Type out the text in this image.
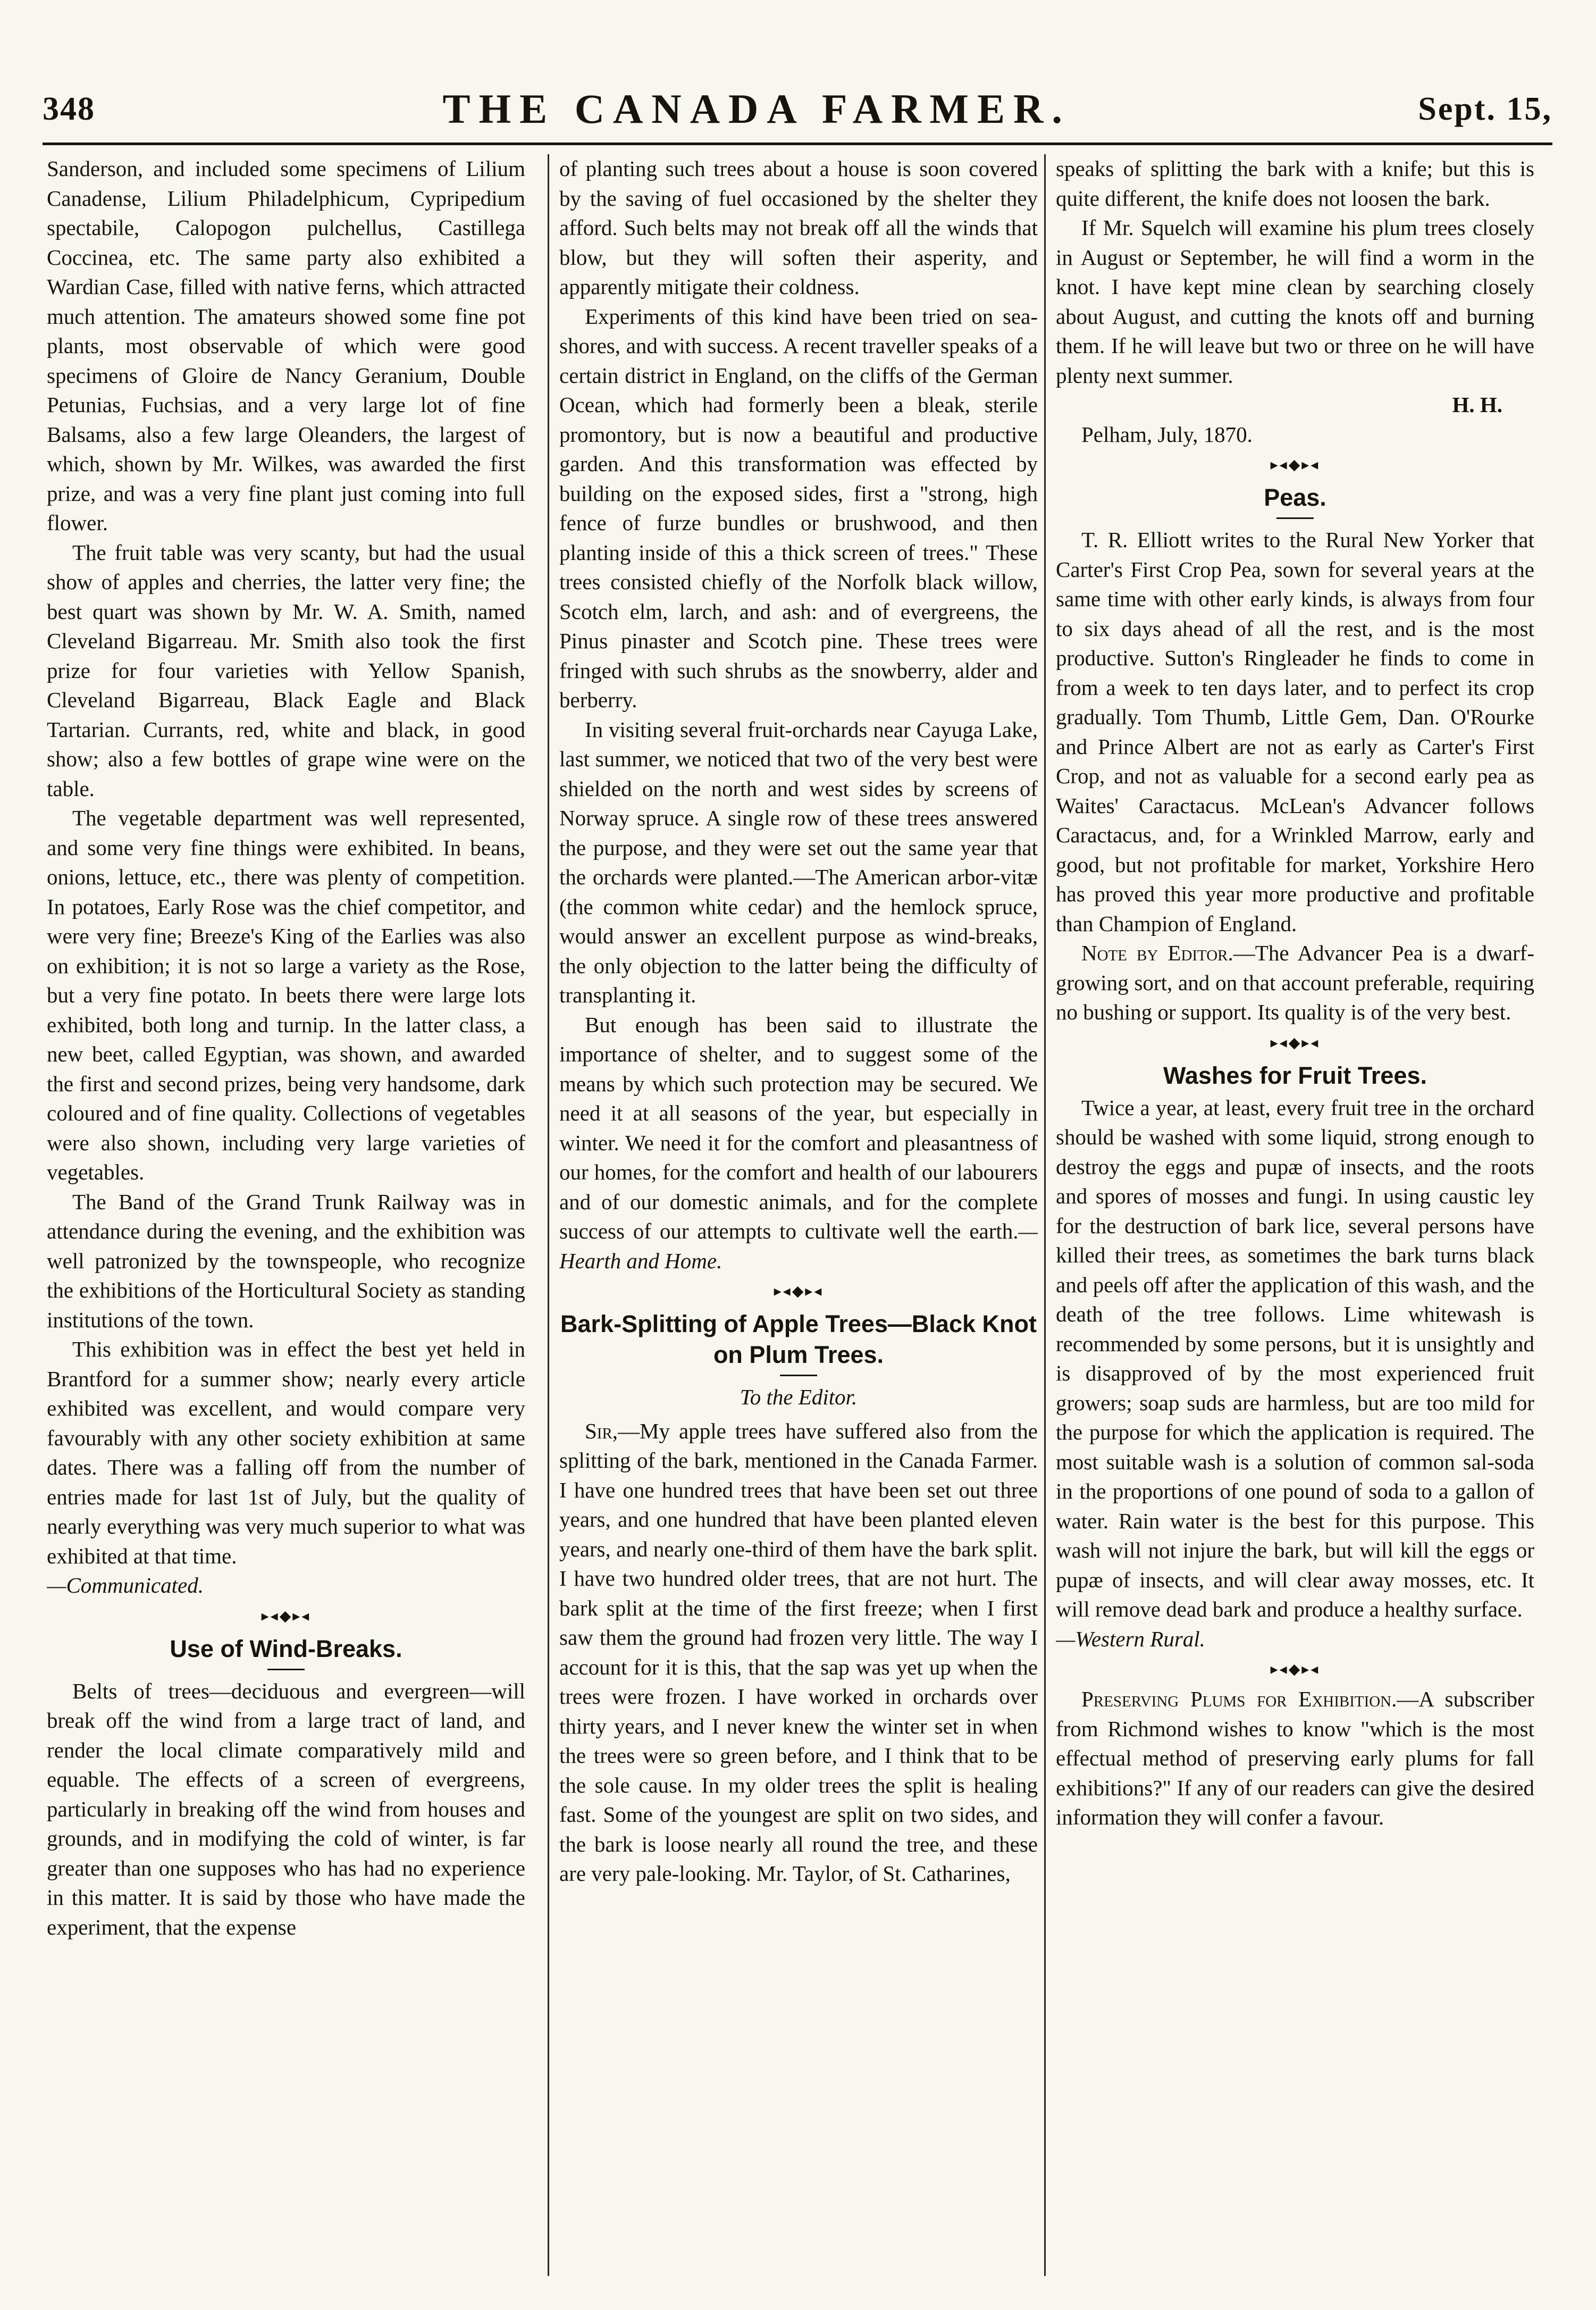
348	THE CANADA FARMER.	Sept. 15,

Sanderson, and included some specimens of Lilium Canadense, Lilium Philadelphicum, Cypripedium spectabile, Calopogon pulchellus, Castillega Coccinea, etc. The same party also exhibited a Wardian Case, filled with native ferns, which attracted much attention. The amateurs showed some fine pot plants, most observable of which were good specimens of Gloire de Nancy Geranium, Double Petunias, Fuchsias, and a very large lot of fine Balsams, also a few large Oleanders, the largest of which, shown by Mr. Wilkes, was awarded the first prize, and was a very fine plant just coming into full flower.

The fruit table was very scanty, but had the usual show of apples and cherries, the latter very fine; the best quart was shown by Mr. W. A. Smith, named Cleveland Bigarreau. Mr. Smith also took the first prize for four varieties with Yellow Spanish, Cleveland Bigarreau, Black Eagle and Black Tartarian. Currants, red, white and black, in good show; also a few bottles of grape wine were on the table.

The vegetable department was well represented, and some very fine things were exhibited. In beans, onions, lettuce, etc., there was plenty of competition. In potatoes, Early Rose was the chief competitor, and were very fine; Breeze's King of the Earlies was also on exhibition; it is not so large a variety as the Rose, but a very fine potato. In beets there were large lots exhibited, both long and turnip. In the latter class, a new beet, called Egyptian, was shown, and awarded the first and second prizes, being very handsome, dark coloured and of fine quality. Collections of vegetables were also shown, including very large varieties of vegetables.

The Band of the Grand Trunk Railway was in attendance during the evening, and the exhibition was well patronized by the townspeople, who recognize the exhibitions of the Horticultural Society as standing institutions of the town.

This exhibition was in effect the best yet held in Brantford for a summer show; nearly every article exhibited was excellent, and would compare very favourably with any other society exhibition at same dates. There was a falling off from the number of entries made for last 1st of July, but the quality of nearly everything was very much superior to what was exhibited at that time.

—Communicated.

▸◂◆▸◂
Use of Wind-Breaks.

Belts of trees—deciduous and evergreen—will break off the wind from a large tract of land, and render the local climate comparatively mild and equable. The effects of a screen of evergreens, particularly in breaking off the wind from houses and grounds, and in modifying the cold of winter, is far greater than one supposes who has had no experience in this matter. It is said by those who have made the experiment, that the expense

of planting such trees about a house is soon covered by the saving of fuel occasioned by the shelter they afford. Such belts may not break off all the winds that blow, but they will soften their asperity, and apparently mitigate their coldness.

Experiments of this kind have been tried on sea-shores, and with success. A recent traveller speaks of a certain district in England, on the cliffs of the German Ocean, which had formerly been a bleak, sterile promontory, but is now a beautiful and productive garden. And this transformation was effected by building on the exposed sides, first a "strong, high fence of furze bundles or brushwood, and then planting inside of this a thick screen of trees." These trees consisted chiefly of the Norfolk black willow, Scotch elm, larch, and ash: and of evergreens, the Pinus pinaster and Scotch pine. These trees were fringed with such shrubs as the snowberry, alder and berberry.

In visiting several fruit-orchards near Cayuga Lake, last summer, we noticed that two of the very best were shielded on the north and west sides by screens of Norway spruce. A single row of these trees answered the purpose, and they were set out the same year that the orchards were planted.—The American arbor-vitæ (the common white cedar) and the hemlock spruce, would answer an excellent purpose as wind-breaks, the only objection to the latter being the difficulty of transplanting it.

But enough has been said to illustrate the importance of shelter, and to suggest some of the means by which such protection may be secured. We need it at all seasons of the year, but especially in winter. We need it for the comfort and pleasantness of our homes, for the comfort and health of our labourers and of our domestic animals, and for the complete success of our attempts to cultivate well the earth.—Hearth and Home.

▸◂◆▸◂
Bark-Splitting of Apple Trees—Black Knot on Plum Trees.
To the Editor.

Sir,—My apple trees have suffered also from the splitting of the bark, mentioned in the Canada Farmer. I have one hundred trees that have been set out three years, and one hundred that have been planted eleven years, and nearly one-third of them have the bark split. I have two hundred older trees, that are not hurt. The bark split at the time of the first freeze; when I first saw them the ground had frozen very little. The way I account for it is this, that the sap was yet up when the trees were frozen. I have worked in orchards over thirty years, and I never knew the winter set in when the trees were so green before, and I think that to be the sole cause. In my older trees the split is healing fast. Some of the youngest are split on two sides, and the bark is loose nearly all round the tree, and these are very pale-looking. Mr. Taylor, of St. Catharines,

speaks of splitting the bark with a knife; but this is quite different, the knife does not loosen the bark.

If Mr. Squelch will examine his plum trees closely in August or September, he will find a worm in the knot. I have kept mine clean by searching closely about August, and cutting the knots off and burning them. If he will leave but two or three on he will have plenty next summer.

H. H.

Pelham, July, 1870.

▸◂◆▸◂
Peas.

T. R. Elliott writes to the Rural New Yorker that Carter's First Crop Pea, sown for several years at the same time with other early kinds, is always from four to six days ahead of all the rest, and is the most productive. Sutton's Ringleader he finds to come in from a week to ten days later, and to perfect its crop gradually. Tom Thumb, Little Gem, Dan. O'Rourke and Prince Albert are not as early as Carter's First Crop, and not as valuable for a second early pea as Waites' Caractacus. McLean's Advancer follows Caractacus, and, for a Wrinkled Marrow, early and good, but not profitable for market, Yorkshire Hero has proved this year more productive and profitable than Champion of England.

Note by Editor.—The Advancer Pea is a dwarf-growing sort, and on that account preferable, requiring no bushing or support. Its quality is of the very best.

▸◂◆▸◂
Washes for Fruit Trees.

Twice a year, at least, every fruit tree in the orchard should be washed with some liquid, strong enough to destroy the eggs and pupæ of insects, and the roots and spores of mosses and fungi. In using caustic ley for the destruction of bark lice, several persons have killed their trees, as sometimes the bark turns black and peels off after the application of this wash, and the death of the tree follows. Lime whitewash is recommended by some persons, but it is unsightly and is disapproved of by the most experienced fruit growers; soap suds are harmless, but are too mild for the purpose for which the application is required. The most suitable wash is a solution of common sal-soda in the proportions of one pound of soda to a gallon of water. Rain water is the best for this purpose. This wash will not injure the bark, but will kill the eggs or pupæ of insects, and will clear away mosses, etc. It will remove dead bark and produce a healthy surface.

—Western Rural.

▸◂◆▸◂

Preserving Plums for Exhibition.—A subscriber from Richmond wishes to know "which is the most effectual method of preserving early plums for fall exhibitions?" If any of our readers can give the desired information they will confer a favour.
